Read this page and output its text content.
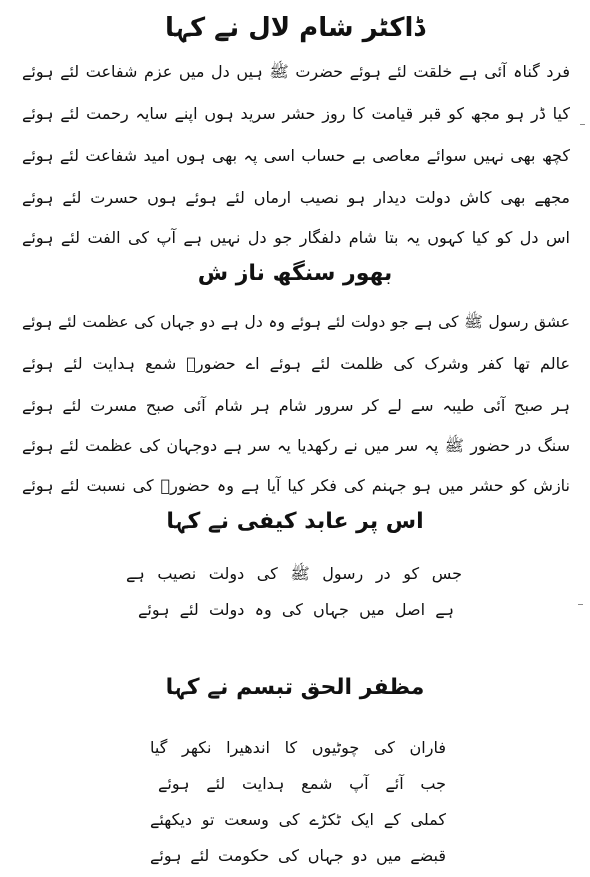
ڈاکٹر شام لال نے کہا
فرد گناہ آئی ہے خلقت لئے ہوئے حضرت ﷺ ہیں دل میں عزم شفاعت لئے ہوئے
کیا ڈر ہو مجھ کو قبر قیامت کا روز حشر سرید ہوں اپنے سایہ رحمت لئے ہوئے
کچھ بھی نہیں سوائے معاصی بے حساب اسی پہ بھی ہوں امید شفاعت لئے ہوئے
مجھے بھی کاش دولت دیدار ہو نصیب ارماں لئے ہوئے ہوں حسرت لئے ہوئے
اس دل کو کیا کہوں یہ بتا شام دلفگار جو دل نہیں ہے آپ کی الفت لئے ہوئے
بھور سنگھ ناز ش
عشق رسول ﷺ کی ہے جو دولت لئے ہوئے وہ دل ہے دو جہاں کی عظمت لئے ہوئے
عالم تھا کفر وشرک کی ظلمت لئے ہوئے اے حضورؐ شمع ہدایت لئے ہوئے
ہر صبح آئی طیبہ سے لے کر سرور شام ہر شام آئی صبح مسرت لئے ہوئے
سنگ در حضور ﷺ پہ سر میں نے رکھدیا یہ سر ہے دوجہان کی عظمت لئے ہوئے
نازش کو حشر میں ہو جہنم کی فکر کیا آیا ہے وہ حضورؐ کی نسبت لئے ہوئے
اس پر عابد کیفی نے کہا
جس کو در رسول ﷺ کی دولت نصیب ہے
ہے اصل میں جہاں کی وہ دولت لئے ہوئے
مظفر الحق تبسم نے کہا
فاران کی چوٹیوں کا اندھیرا نکھر گیا
جب آئے آپ شمع ہدایت لئے ہوئے
کملی کے ایک ٹکڑے کی وسعت تو دیکھئے
قبضے میں دو جہاں کی حکومت لئے ہوئے
